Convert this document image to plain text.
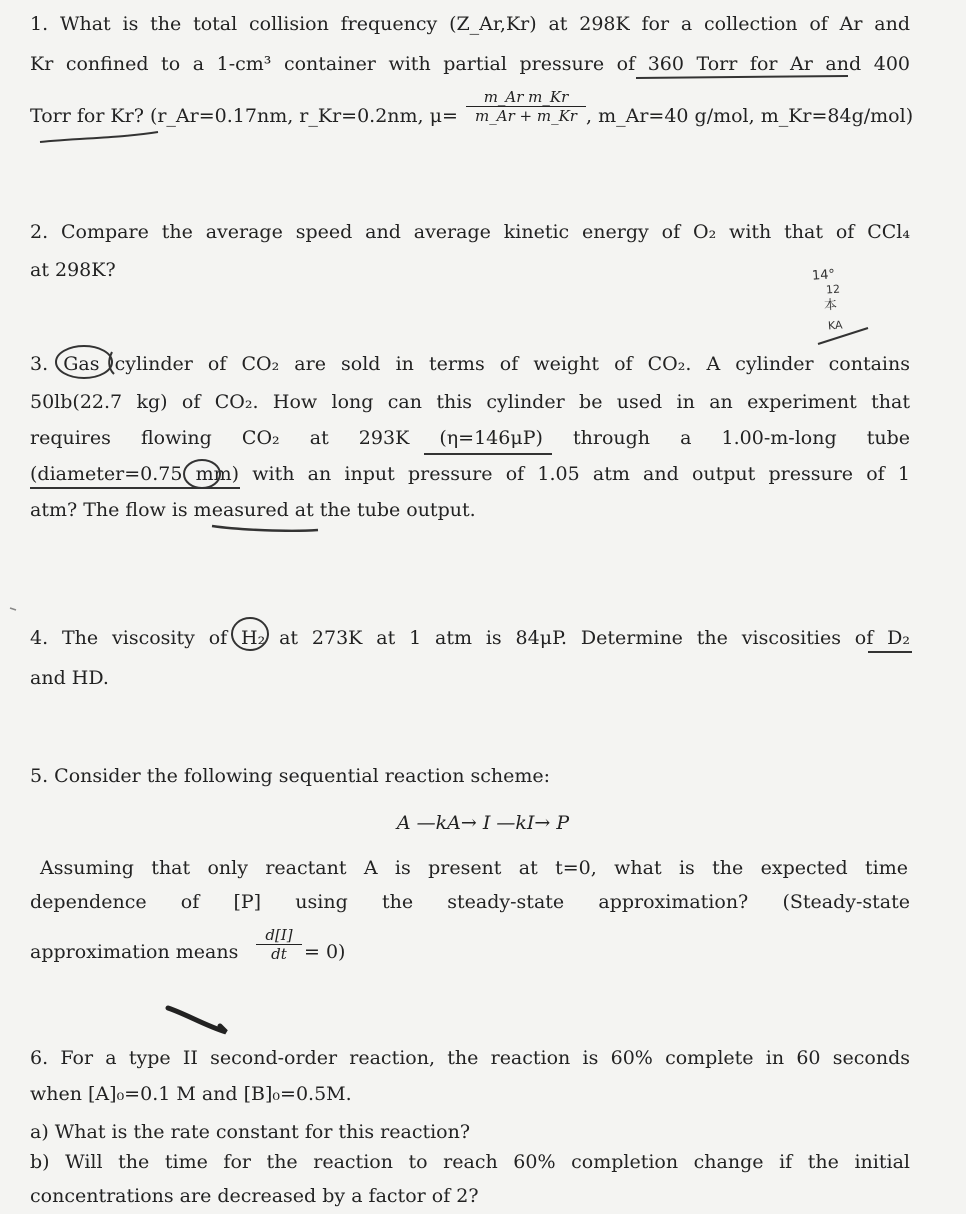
1. What is the total collision frequency (Z_Ar,Kr) at 298K for a collection of Ar and
Kr confined to a 1-cm³ container with partial pressure of 360 Torr for Ar and 400
Torr for Kr? (r_Ar=0.17nm, r_Kr=0.2nm, $\mu= \frac{\text{m\_Ar m\_Kr}}{m\_Ar + m\_Kr}$ , m_Ar=40 g/mol, m_Kr=84g/mol)
2. Compare the average speed and average kinetic energy of O₂ with that of CCl₄
at 298K?	14°
12
本
KA
3. Gas cylinder of CO₂ are sold in terms of weight of CO₂. A cylinder contains
50lb(22.7 kg) of CO₂. How long can this cylinder be used in an experiment that
requires flowing CO₂ at 293K (η=146μP) through a 1.00-m-long tube
(diameter=0.75 mm) with an input pressure of 1.05 atm and output pressure of 1
atm? The flow is measured at the tube output.
4. The viscosity of H₂ at 273K at 1 atm is 84μP. Determine the viscosities of D₂
and HD.
5. Consider the following sequential reaction scheme:
A —kA→ I —kI→ P
Assuming that only reactant A is present at t=0, what is the expected time
dependence of [P] using the steady-state approximation? (Steady-state
approximation means $\frac{d[I]}{dt} = 0$)
6. For a type II second-order reaction, the reaction is 60% complete in 60 seconds
when [A]₀=0.1 M and [B]₀=0.5M.
a) What is the rate constant for this reaction?
b) Will the time for the reaction to reach 60% completion change if the initial
concentrations are decreased by a factor of 2?
